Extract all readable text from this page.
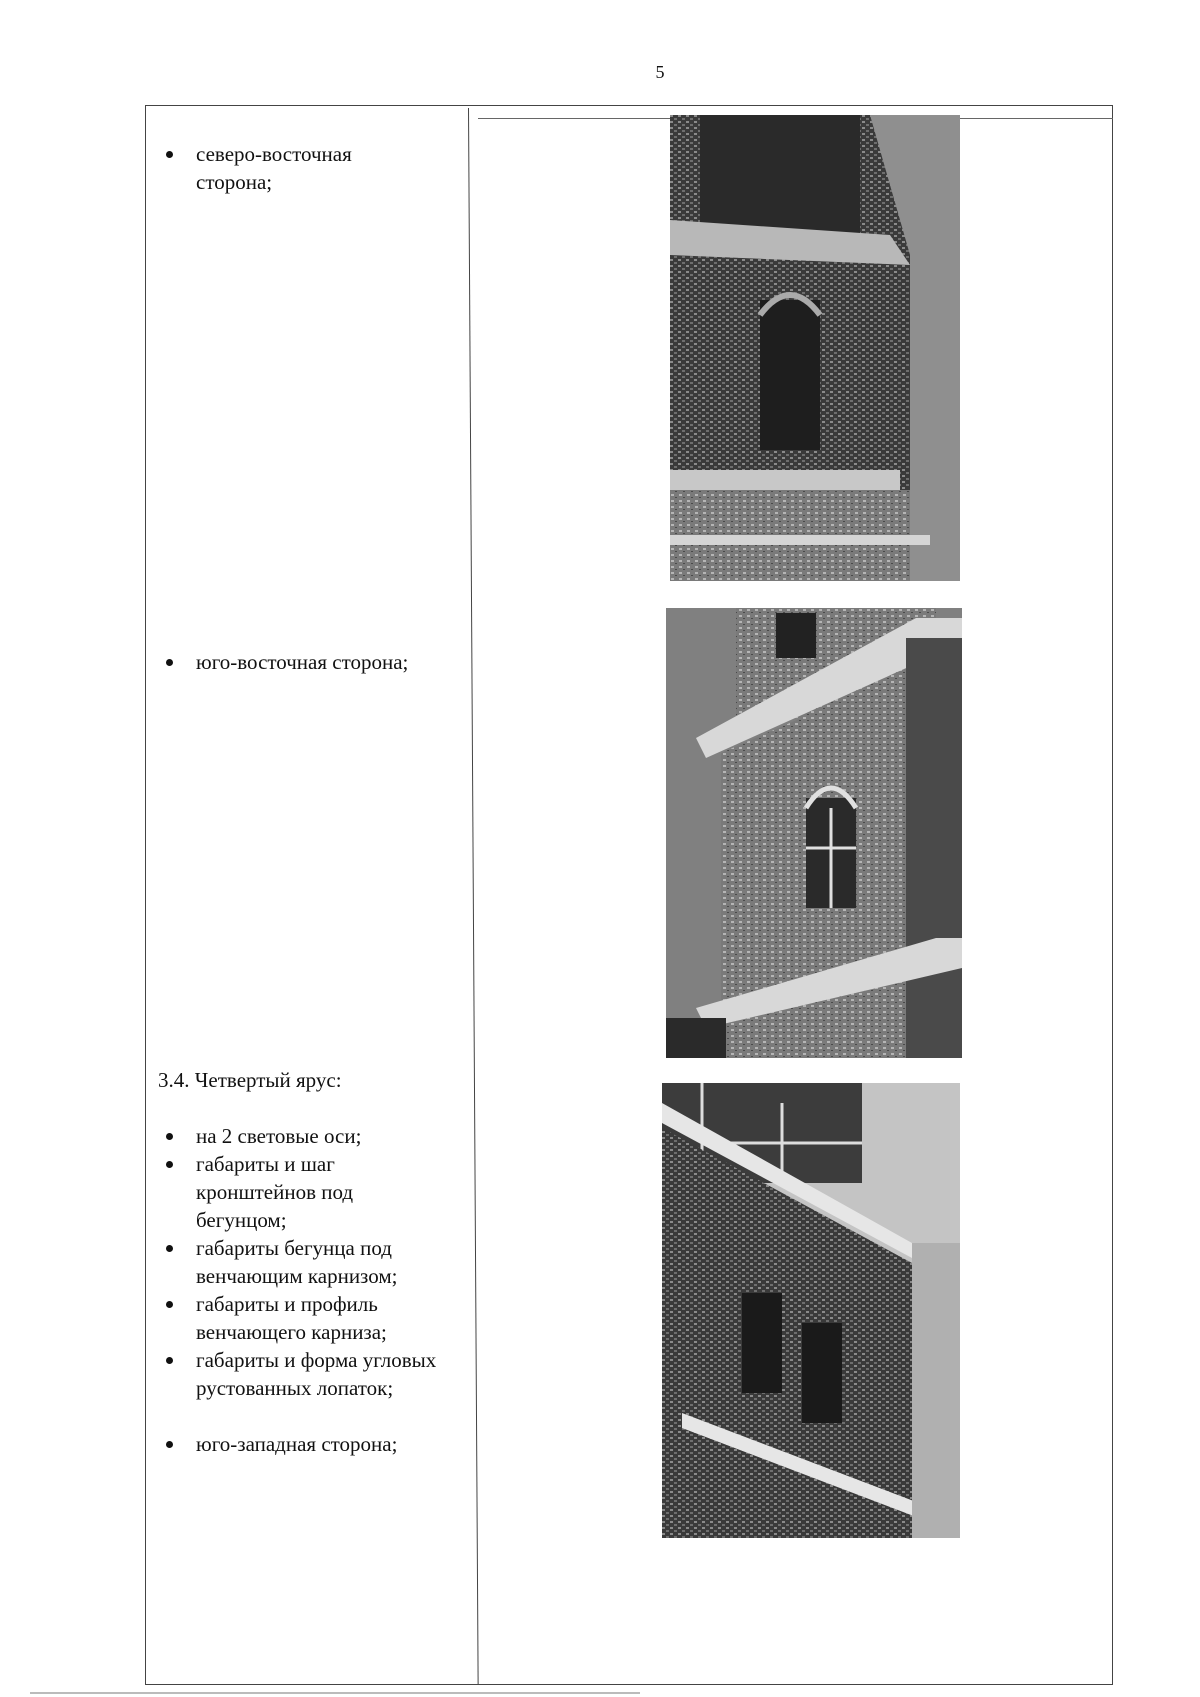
5
северо-восточная сторона;
юго-восточная сторона;
3.4. Четвертый ярус:
на 2 световые оси;
габариты и шаг кронштейнов под бегунцом;
габариты бегунца под венчающим карнизом;
габариты и профиль венчающего карниза;
габариты и форма угловых рустованных лопаток;
юго-западная сторона;
